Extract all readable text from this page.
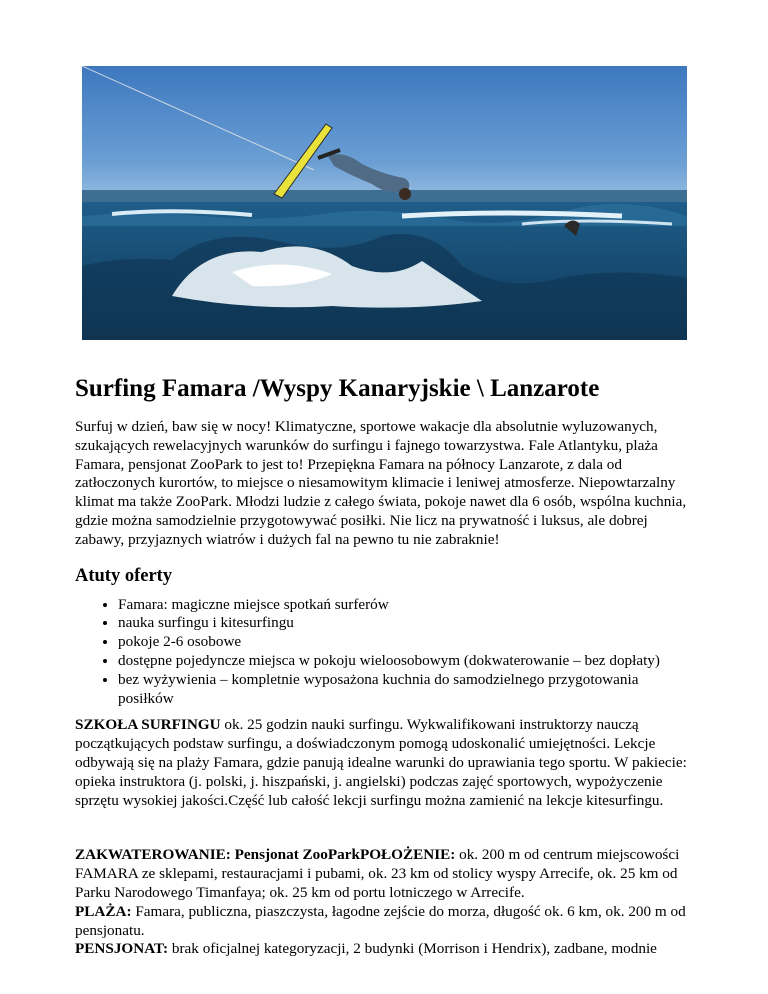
Surfing Famara /Wyspy Kanaryjskie \ Lanzarote

Surfuj w dzień, baw się w nocy! Klimatyczne, sportowe wakacje dla absolutnie wyluzowanych, szukających rewelacyjnych warunków do surfingu i fajnego towarzystwa. Fale Atlantyku, plaża Famara, pensjonat ZooPark to jest to! Przepiękna Famara na północy Lanzarote, z dala od zatłoczonych kurortów, to miejsce o niesamowitym klimacie i leniwej atmosferze. Niepowtarzalny klimat ma także ZooPark. Młodzi ludzie z całego świata, pokoje nawet dla 6 osób, wspólna kuchnia, gdzie można samodzielnie przygotowywać posiłki. Nie licz na prywatność i luksus, ale dobrej zabawy, przyjaznych wiatrów i dużych fal na pewno tu nie zabraknie!

Atuty oferty
• Famara: magiczne miejsce spotkań surferów
• nauka surfingu i kitesurfingu
• pokoje 2-6 osobowe
• dostępne pojedyncze miejsca w pokoju wieloosobowym (dokwaterowanie – bez dopłaty)
• bez wyżywienia – kompletnie wyposażona kuchnia do samodzielnego przygotowania posiłków

SZKOŁA SURFINGU ok. 25 godzin nauki surfingu. Wykwalifikowani instruktorzy nauczą początkujących podstaw surfingu, a doświadczonym pomogą udoskonalić umiejętności. Lekcje odbywają się na plaży Famara, gdzie panują idealne warunki do uprawiania tego sportu. W pakiecie: opieka instruktora (j. polski, j. hiszpański, j. angielski) podczas zajęć sportowych, wypożyczenie sprzętu wysokiej jakości.Część lub całość lekcji surfingu można zamienić na lekcje kitesurfingu.

ZAKWATEROWANIE: Pensjonat ZooParkPOŁOŻENIE: ok. 200 m od centrum miejscowości FAMARA ze sklepami, restauracjami i pubami, ok. 23 km od stolicy wyspy Arrecife, ok. 25 km od Parku Narodowego Timanfaya; ok. 25 km od portu lotniczego w Arrecife.
PLAŻA: Famara, publiczna, piaszczysta, łagodne zejście do morza, długość ok. 6 km, ok. 200 m od pensjonatu.
PENSJONAT: brak oficjalnej kategoryzacji, 2 budynki (Morrison i Hendrix), zadbane, modnie
